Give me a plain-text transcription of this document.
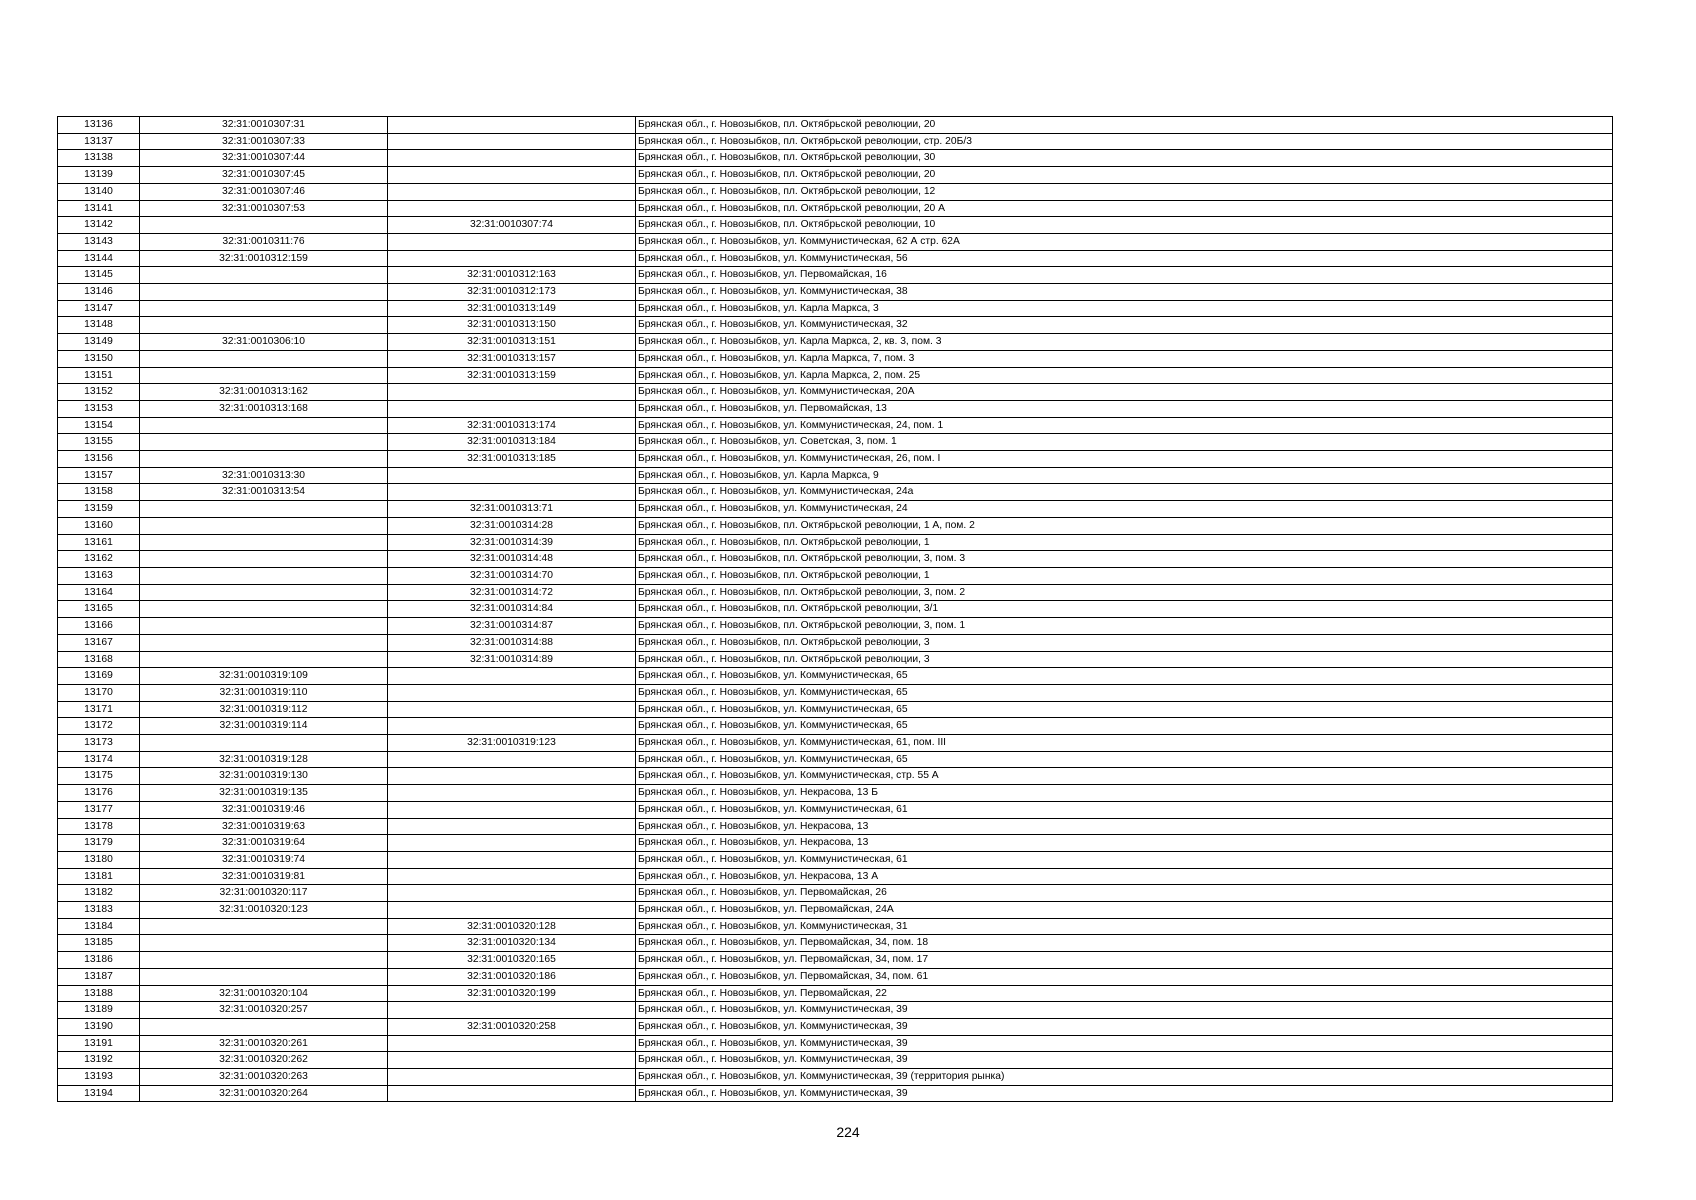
13136	32:31:0010307:31		Брянская обл., г. Новозыбков, пл. Октябрьской революции, 20
13137	32:31:0010307:33		Брянская обл., г. Новозыбков, пл. Октябрьской революции, стр. 20Б/3
13138	32:31:0010307:44		Брянская обл., г. Новозыбков, пл. Октябрьской революции, 30
13139	32:31:0010307:45		Брянская обл., г. Новозыбков, пл. Октябрьской революции, 20
13140	32:31:0010307:46		Брянская обл., г. Новозыбков, пл. Октябрьской революции, 12
13141	32:31:0010307:53		Брянская обл., г. Новозыбков, пл. Октябрьской революции, 20 А
13142		32:31:0010307:74	Брянская обл., г. Новозыбков, пл. Октябрьской революции, 10
13143	32:31:0010311:76		Брянская обл., г. Новозыбков, ул. Коммунистическая, 62 А стр. 62А
13144	32:31:0010312:159		Брянская обл., г. Новозыбков, ул. Коммунистическая, 56
13145		32:31:0010312:163	Брянская обл., г. Новозыбков, ул. Первомайская, 16
13146		32:31:0010312:173	Брянская обл., г. Новозыбков, ул. Коммунистическая, 38
13147		32:31:0010313:149	Брянская обл., г. Новозыбков, ул. Карла Маркса, 3
13148		32:31:0010313:150	Брянская обл., г. Новозыбков, ул. Коммунистическая, 32
13149	32:31:0010306:10	32:31:0010313:151	Брянская обл., г. Новозыбков, ул. Карла Маркса, 2, кв. 3, пом. 3
13150		32:31:0010313:157	Брянская обл., г. Новозыбков, ул. Карла Маркса, 7, пом. 3
13151		32:31:0010313:159	Брянская обл., г. Новозыбков, ул. Карла Маркса, 2, пом. 25
13152	32:31:0010313:162		Брянская обл., г. Новозыбков, ул. Коммунистическая, 20А
13153	32:31:0010313:168		Брянская обл., г. Новозыбков, ул. Первомайская, 13
13154		32:31:0010313:174	Брянская обл., г. Новозыбков, ул. Коммунистическая, 24, пом. 1
13155		32:31:0010313:184	Брянская обл., г. Новозыбков, ул. Советская, 3, пом. 1
13156		32:31:0010313:185	Брянская обл., г. Новозыбков, ул. Коммунистическая, 26, пом. I
13157	32:31:0010313:30		Брянская обл., г. Новозыбков, ул. Карла Маркса, 9
13158	32:31:0010313:54		Брянская обл., г. Новозыбков, ул. Коммунистическая, 24а
13159		32:31:0010313:71	Брянская обл., г. Новозыбков, ул. Коммунистическая, 24
13160		32:31:0010314:28	Брянская обл., г. Новозыбков, пл. Октябрьской революции, 1 А, пом. 2
13161		32:31:0010314:39	Брянская обл., г. Новозыбков, пл. Октябрьской революции, 1
13162		32:31:0010314:48	Брянская обл., г. Новозыбков, пл. Октябрьской революции, 3, пом. 3
13163		32:31:0010314:70	Брянская обл., г. Новозыбков, пл. Октябрьской революции, 1
13164		32:31:0010314:72	Брянская обл., г. Новозыбков, пл. Октябрьской революции, 3, пом. 2
13165		32:31:0010314:84	Брянская обл., г. Новозыбков, пл. Октябрьской революции, 3/1
13166		32:31:0010314:87	Брянская обл., г. Новозыбков, пл. Октябрьской революции, 3, пом. 1
13167		32:31:0010314:88	Брянская обл., г. Новозыбков, пл. Октябрьской революции, 3
13168		32:31:0010314:89	Брянская обл., г. Новозыбков, пл. Октябрьской революции, 3
13169	32:31:0010319:109		Брянская обл., г. Новозыбков, ул. Коммунистическая, 65
13170	32:31:0010319:110		Брянская обл., г. Новозыбков, ул. Коммунистическая, 65
13171	32:31:0010319:112		Брянская обл., г. Новозыбков, ул. Коммунистическая, 65
13172	32:31:0010319:114		Брянская обл., г. Новозыбков, ул. Коммунистическая, 65
13173		32:31:0010319:123	Брянская обл., г. Новозыбков, ул. Коммунистическая, 61, пом. III
13174	32:31:0010319:128		Брянская обл., г. Новозыбков, ул. Коммунистическая, 65
13175	32:31:0010319:130		Брянская обл., г. Новозыбков, ул. Коммунистическая, стр. 55 А
13176	32:31:0010319:135		Брянская обл., г. Новозыбков, ул. Некрасова, 13 Б
13177	32:31:0010319:46		Брянская обл., г. Новозыбков, ул. Коммунистическая, 61
13178	32:31:0010319:63		Брянская обл., г. Новозыбков, ул. Некрасова, 13
13179	32:31:0010319:64		Брянская обл., г. Новозыбков, ул. Некрасова, 13
13180	32:31:0010319:74		Брянская обл., г. Новозыбков, ул. Коммунистическая, 61
13181	32:31:0010319:81		Брянская обл., г. Новозыбков, ул. Некрасова, 13 А
13182	32:31:0010320:117		Брянская обл., г. Новозыбков, ул. Первомайская, 26
13183	32:31:0010320:123		Брянская обл., г. Новозыбков, ул. Первомайская, 24А
13184		32:31:0010320:128	Брянская обл., г. Новозыбков, ул. Коммунистическая, 31
13185		32:31:0010320:134	Брянская обл., г. Новозыбков, ул. Первомайская, 34, пом. 18
13186		32:31:0010320:165	Брянская обл., г. Новозыбков, ул. Первомайская, 34, пом. 17
13187		32:31:0010320:186	Брянская обл., г. Новозыбков, ул. Первомайская, 34, пом. 61
13188	32:31:0010320:104	32:31:0010320:199	Брянская обл., г. Новозыбков, ул. Первомайская, 22
13189	32:31:0010320:257		Брянская обл., г. Новозыбков, ул. Коммунистическая, 39
13190		32:31:0010320:258	Брянская обл., г. Новозыбков, ул. Коммунистическая, 39
13191	32:31:0010320:261		Брянская обл., г. Новозыбков, ул. Коммунистическая, 39
13192	32:31:0010320:262		Брянская обл., г. Новозыбков, ул. Коммунистическая, 39
13193	32:31:0010320:263		Брянская обл., г. Новозыбков, ул. Коммунистическая, 39 (территория рынка)
13194	32:31:0010320:264		Брянская обл., г. Новозыбков, ул. Коммунистическая, 39
224
